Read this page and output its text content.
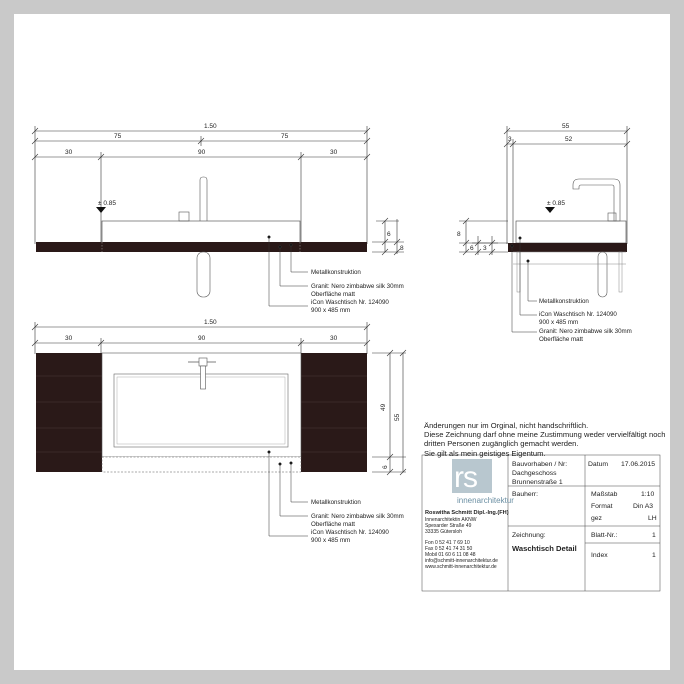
1.50
75	75
30	90	30
± 0.85
6
8
Metallkonstruktion
Granit: Nero zimbabwe silk 30mm
Oberfläche matt
iCon Waschtisch Nr. 124090
900 x 485 mm
1.50
30	90	30
49
55
6
Metallkonstruktion
Granit: Nero zimbabwe silk 30mm
Oberfläche matt
iCon Waschtisch Nr. 124090
900 x 485 mm
55
3	52
± 0.85
8
6 3
Metallkonstruktion
iCon Waschtisch Nr. 124090
900 x 485 mm
Granit: Nero zimbabwe silk 30mm
Oberfläche matt
rs
innenarchitektur
Roswitha Schmitt Dipl.-Ing.(FH)
Innenarchitektin AKNW
Spexarder Straße 49
33335 Gütersloh
Fon 0 52 41 7 69 10
Fax 0 52 41 74 31 50
Mobil 01 60 6 11 08 48
info@schmitt-innenarchitektur.de
www.schmitt-innenarchitektur.de
Bauvorhaben / Nr:
Dachgeschoss
Brunnenstraße 1
Datum 17.06.2015
Bauherr:	Maßstab	1:10
Format	Din A3
gez	LH
Zeichnung:
Waschtisch Detail
Blatt-Nr.:	1
Index	1
Änderungen nur im Orginal, nicht handschriftlich.
Diese Zeichnung darf ohne meine Zustimmung weder vervielfältigt noch
dritten Personen zugänglich gemacht werden.
Sie gilt als mein geistiges Eigentum.
